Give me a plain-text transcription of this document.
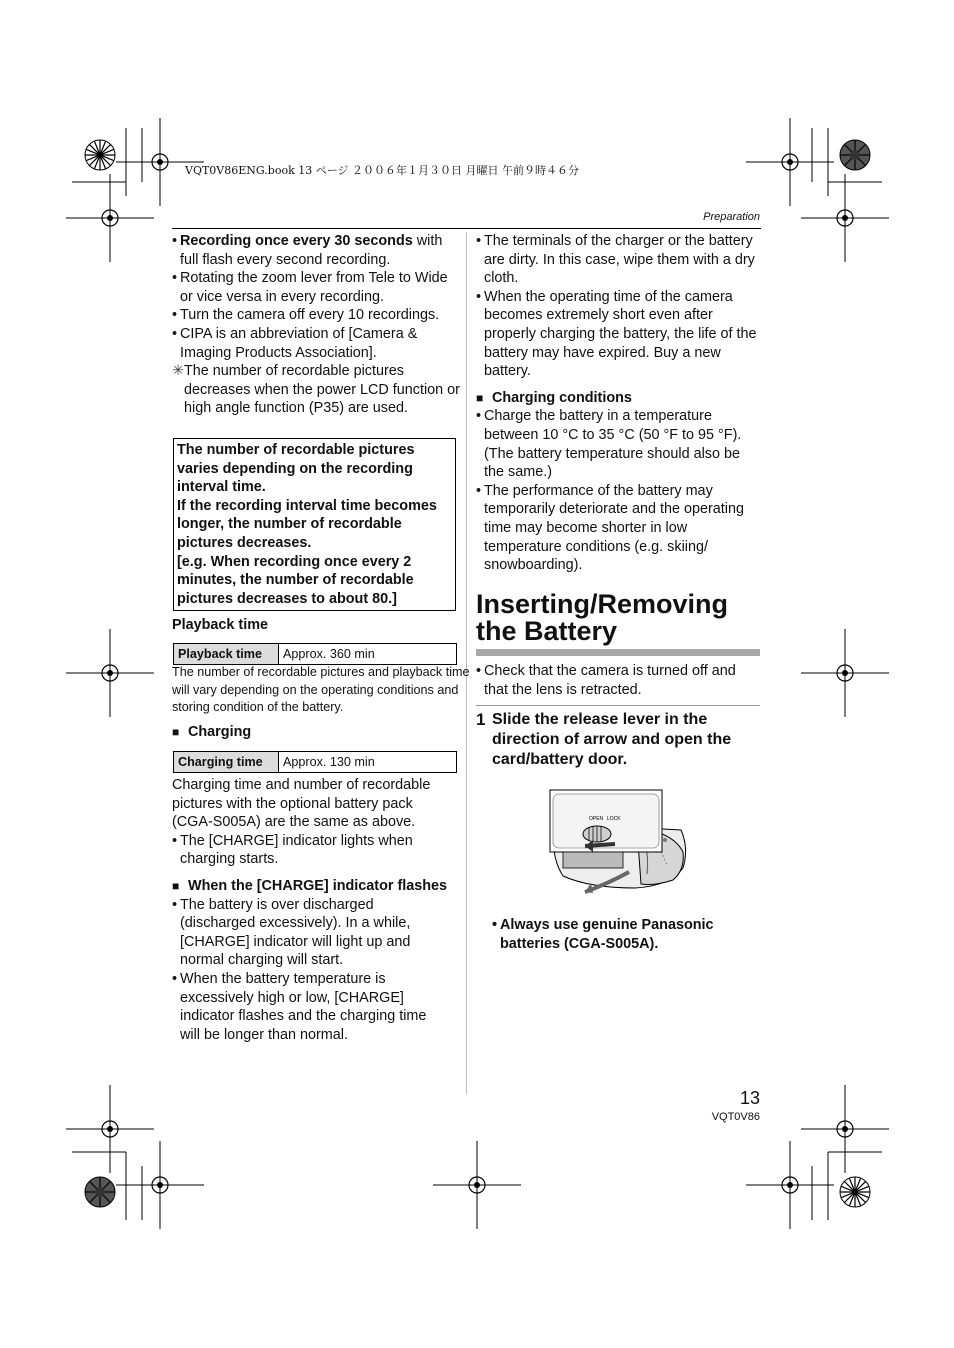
VQT0V86ENG.book 13 ページ ２００６年１月３０日 月曜日 午前９時４６分
Preparation

• Recording once every 30 seconds with full flash every second recording.

• Rotating the zoom lever from Tele to Wide or vice versa in every recording.

• Turn the camera off every 10 recordings.

• CIPA is an abbreviation of [Camera & Imaging Products Association].

✳The number of recordable pictures decreases when the power LCD function or high angle function (P35) are used.

The number of recordable pictures varies depending on the recording interval time.
If the recording interval time becomes longer, the number of recordable pictures decreases.
[e.g. When recording once every 2 minutes, the number of recordable pictures decreases to about 80.]
Playback time
Playback time	Approx. 360 min
The number of recordable pictures and playback time will vary depending on the operating conditions and storing condition of the battery.
■ Charging
Charging time	Approx. 130 min

Charging time and number of recordable pictures with the optional battery pack (CGA-S005A) are the same as above.

• The [CHARGE] indicator lights when charging starts.

■ When the [CHARGE] indicator flashes

• The battery is over discharged (discharged excessively). In a while, [CHARGE] indicator will light up and normal charging will start.

• When the battery temperature is excessively high or low, [CHARGE] indicator flashes and the charging time will be longer than normal.

• The terminals of the charger or the battery are dirty. In this case, wipe them with a dry cloth.

• When the operating time of the camera becomes extremely short even after properly charging the battery, the life of the battery may have expired. Buy a new battery.

■ Charging conditions

• Charge the battery in a temperature between 10 °C to 35 °C (50 °F to 95 °F). (The battery temperature should also be the same.)

• The performance of the battery may temporarily deteriorate and the operating time may become shorter in low temperature conditions (e.g. skiing/ snowboarding).

Inserting/Removing
the Battery

• Check that the camera is turned off and that the lens is retracted.

1 Slide the release lever in the direction of arrow and open the card/battery door.
OPEN LOCK

• Always use genuine Panasonic batteries (CGA-S005A).

13
VQT0V86
